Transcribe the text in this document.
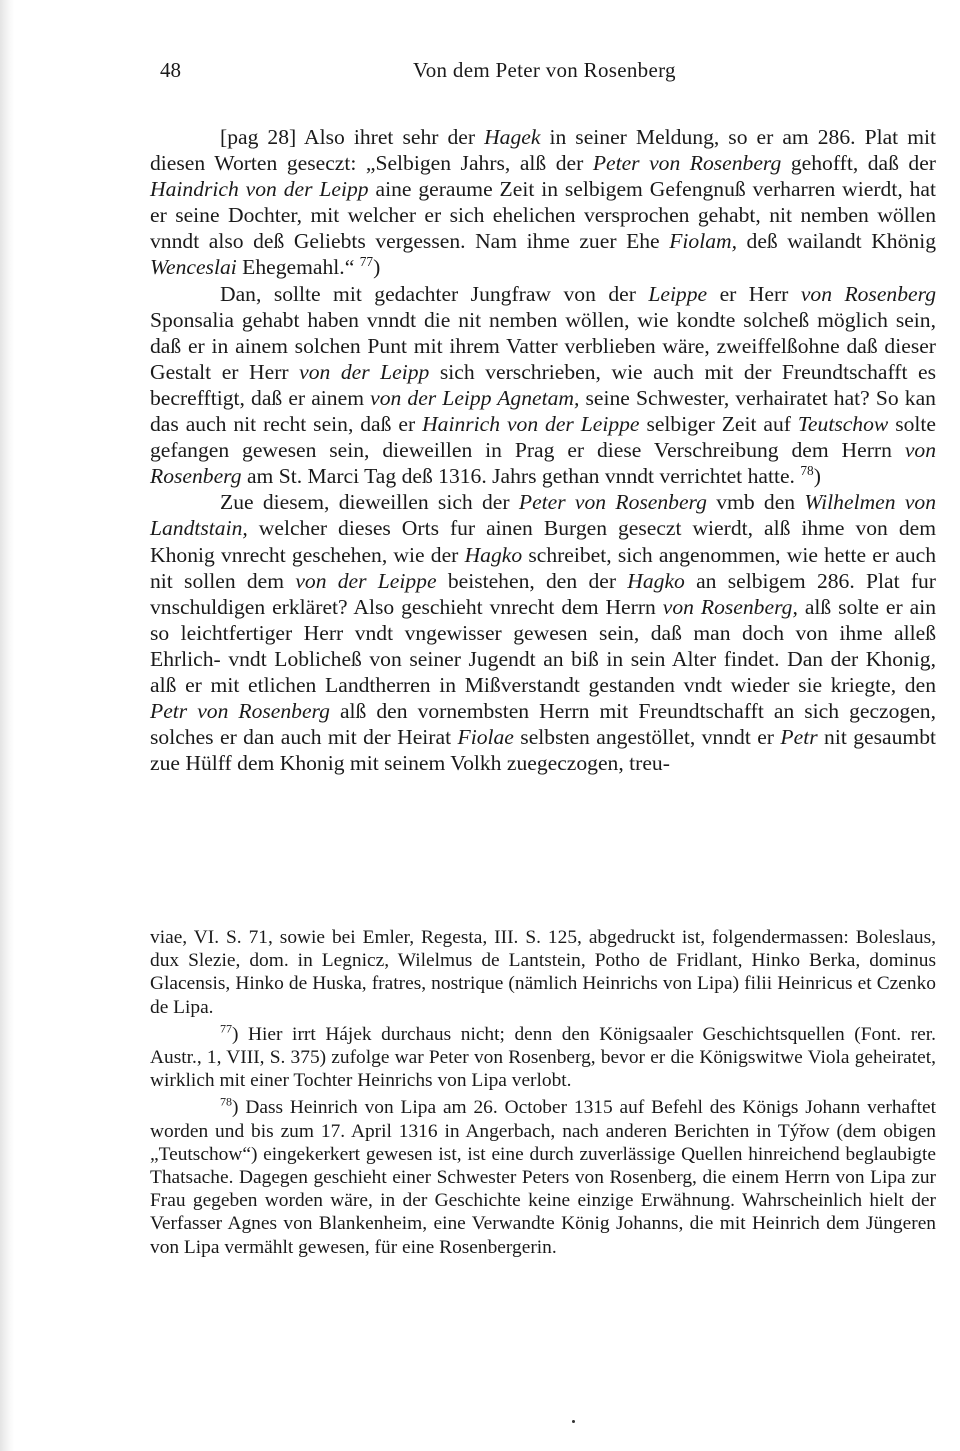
48	Von dem Peter von Rosenberg

[pag 28] Also ihret sehr der Hagek in seiner Meldung, so er am 286. Plat mit diesen Worten geseczt: „Selbigen Jahrs, alß der Peter von Rosenberg gehofft, daß der Haindrich von der Leipp aine geraume Zeit in selbigem Gefengnuß verharren wierdt, hat er seine Dochter, mit welcher er sich ehelichen versprochen gehabt, nit nemben wöllen vnndt also deß Geliebts vergessen. Nam ihme zuer Ehe Fiolam, deß wailandt Khönig Wenceslai Ehegemahl.“ $^{77}$)

Dan, sollte mit gedachter Jungfraw von der Leippe er Herr von Rosenberg Sponsalia gehabt haben vnndt die nit nemben wöllen, wie kondte solcheß möglich sein, daß er in ainem solchen Punt mit ihrem Vatter verblieben wäre, zweiffelßohne daß dieser Gestalt er Herr von der Leipp sich verschrieben, wie auch mit der Freundtschafft es becrefftigt, daß er ainem von der Leipp Agnetam, seine Schwester, verhairatet hat? So kan das auch nit recht sein, daß er Hainrich von der Leippe selbiger Zeit auf Teutschow solte gefangen gewesen sein, dieweillen in Prag er diese Verschreibung dem Herrn von Rosenberg am St. Marci Tag deß 1316. Jahrs gethan vnndt verrichtet hatte. $^{78}$)

Zue diesem, dieweillen sich der Peter von Rosenberg vmb den Wilhelmen von Landtstain, welcher dieses Orts fur ainen Burgen geseczt wierdt, alß ihme von dem Khonig vnrecht geschehen, wie der Hagko schreibet, sich angenommen, wie hette er auch nit sollen dem von der Leippe beistehen, den der Hagko an selbigem 286. Plat fur vnschuldigen erkläret? Also geschieht vnrecht dem Herrn von Rosenberg, alß solte er ain so leichtfertiger Herr vndt vngewisser gewesen sein, daß man doch von ihme alleß Ehrlich- vndt Loblicheß von seiner Jugendt an biß in sein Alter findet. Dan der Khonig, alß er mit etlichen Landtherren in Mißverstandt gestanden vndt wieder sie kriegte, den Petr von Rosenberg alß den vornembsten Herrn mit Freundtschafft an sich geczogen, solches er dan auch mit der Heirat Fiolae selbsten angestöllet, vnndt er Petr nit gesaumbt zue Hülff dem Khonig mit seinem Volkh zuegeczogen, treu-

viae, VI. S. 71, sowie bei Emler, Regesta, III. S. 125, abgedruckt ist, folgendermassen: Boleslaus, dux Slezie, dom. in Legnicz, Wilelmus de Lantstein, Potho de Fridlant, Hinko Berka, dominus Glacensis, Hinko de Huska, fratres, nostrique (nämlich Heinrichs von Lipa) filii Heinricus et Czenko de Lipa.

$^{77}$) Hier irrt Hájek durchaus nicht; denn den Königsaaler Geschichtsquellen (Font. rer. Austr., 1, VIII, S. 375) zufolge war Peter von Rosenberg, bevor er die Königswitwe Viola geheiratet, wirklich mit einer Tochter Heinrichs von Lipa verlobt.

$^{78}$) Dass Heinrich von Lipa am 26. October 1315 auf Befehl des Königs Johann verhaftet worden und bis zum 17. April 1316 in Angerbach, nach anderen Berichten in Týřow (dem obigen „Teutschow“) eingekerkert gewesen ist, ist eine durch zuverlässige Quellen hinreichend beglaubigte Thatsache. Dagegen geschieht einer Schwester Peters von Rosenberg, die einem Herrn von Lipa zur Frau gegeben worden wäre, in der Geschichte keine einzige Erwähnung. Wahrscheinlich hielt der Verfasser Agnes von Blankenheim, eine Verwandte König Johanns, die mit Heinrich dem Jüngeren von Lipa vermählt gewesen, für eine Rosenbergerin.
